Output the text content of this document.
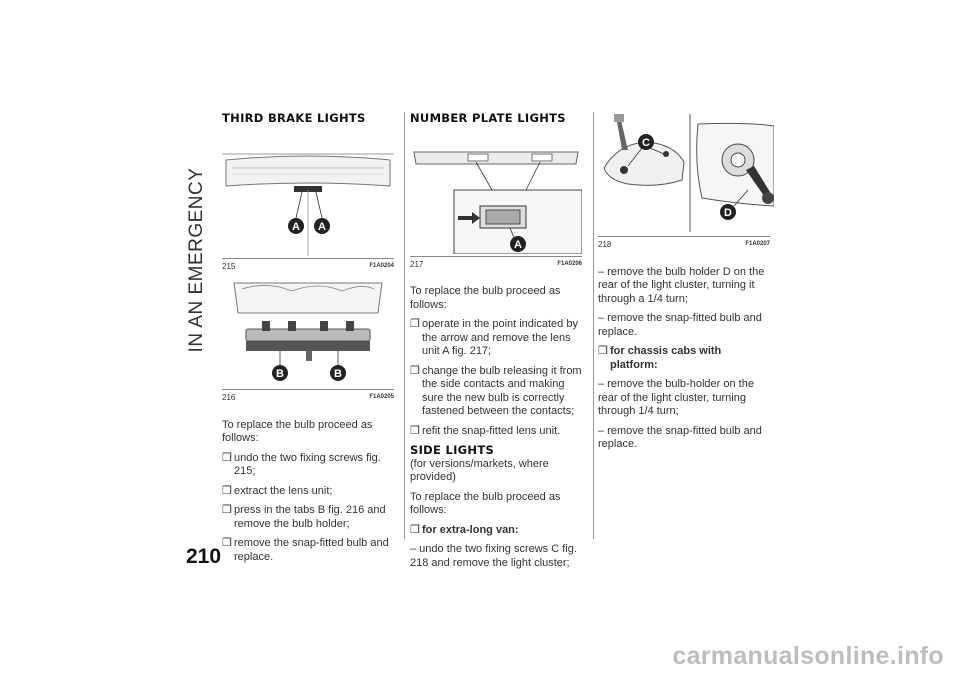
IN AN EMERGENCY
210
carmanualsonline.info
THIRD BRAKE LIGHTS
A A
215	F1A0204
B	B
216	F1A0205

To replace the bulb proceed as follows:

❒ undo the two fixing screws fig. 215;
❒ extract the lens unit;
❒ press in the tabs B fig. 216 and remove the bulb holder;
❒ remove the snap-fitted bulb and replace.
NUMBER PLATE LIGHTS
A
217	F1A0206

To replace the bulb proceed as follows:

❒ operate in the point indicated by the arrow and remove the lens unit A fig. 217;
❒ change the bulb releasing it from the side contacts and making sure the new bulb is correctly fastened between the contacts;
❒ refit the snap-fitted lens unit.
SIDE LIGHTS

(for versions/markets, where provided)

To replace the bulb proceed as follows:

❒ for extra-long van:

– undo the two fixing screws C fig. 218 and remove the light cluster;

C
D
218	F1A0207

– remove the bulb holder D on the rear of the light cluster, turning it through a 1/4 turn;

– remove the snap-fitted bulb and replace.

❒ for chassis cabs with platform:

– remove the bulb-holder on the rear of the light cluster, turning through 1/4 turn;

– remove the snap-fitted bulb and replace.
